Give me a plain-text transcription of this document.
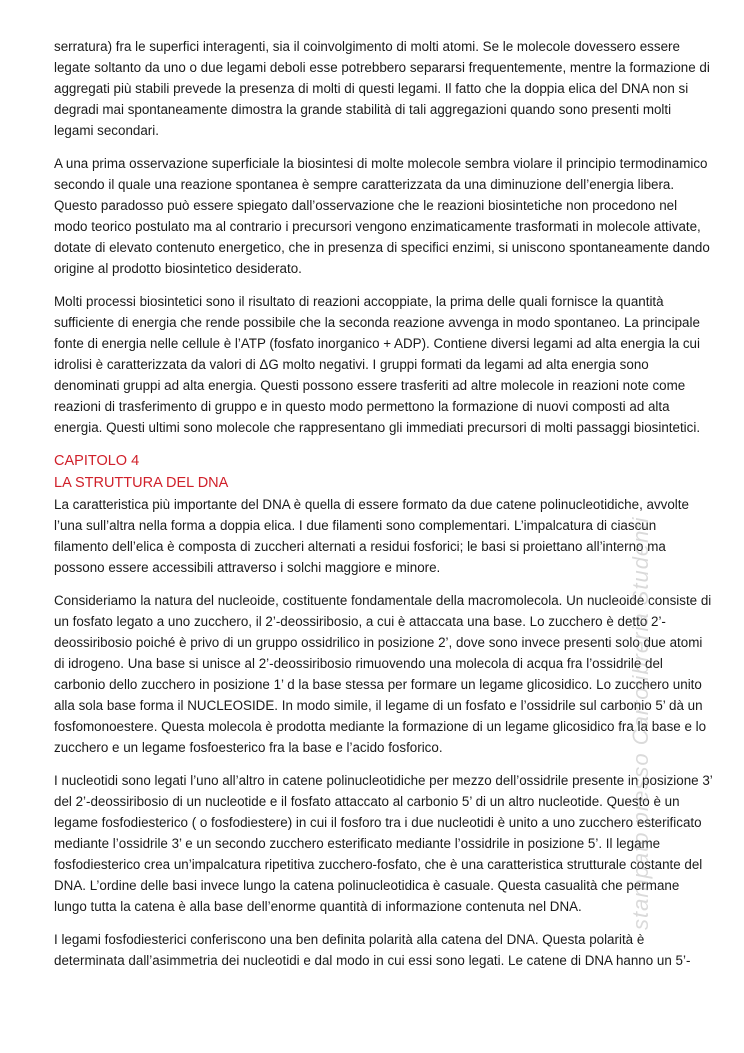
serratura) fra le superfici interagenti, sia il coinvolgimento di molti atomi. Se le molecole dovessero essere legate soltanto da uno o due legami deboli esse potrebbero separarsi frequentemente, mentre la formazione di aggregati più stabili prevede la presenza di molti di questi legami. Il fatto che la doppia elica del DNA non si degradi mai spontaneamente dimostra la grande stabilità di tali aggregazioni quando sono presenti molti legami secondari.

A una prima osservazione superficiale la biosintesi di molte molecole sembra violare il principio termodinamico secondo il quale una reazione spontanea è sempre caratterizzata da una diminuzione dell’energia libera. Questo paradosso può essere spiegato dall’osservazione che le reazioni biosintetiche non procedono nel modo teorico postulato ma al contrario i precursori vengono enzimaticamente trasformati in molecole attivate, dotate di elevato contenuto energetico, che in presenza di specifici enzimi, si uniscono spontaneamente dando origine al prodotto biosintetico desiderato.

Molti processi biosintetici sono il risultato di reazioni accoppiate, la prima delle quali fornisce la quantità sufficiente di energia che rende possibile che la seconda reazione avvenga in modo spontaneo. La principale fonte di energia nelle cellule è l’ATP (fosfato inorganico + ADP). Contiene diversi legami ad alta energia la cui idrolisi è caratterizzata da valori di ΔG molto negativi. I gruppi formati da legami ad alta energia sono denominati gruppi ad alta energia. Questi possono essere trasferiti ad altre molecole in reazioni note come reazioni di trasferimento di gruppo e in questo modo permettono la formazione di nuovi composti ad alta energia. Questi ultimi sono molecole che rappresentano gli immediati precursori di molti passaggi biosintetici.

CAPITOLO 4

LA STRUTTURA DEL DNA

La caratteristica più importante del DNA è quella di essere formato da due catene polinucleotidiche, avvolte l’una sull’altra nella forma a doppia elica. I due filamenti sono complementari. L’impalcatura di ciascun filamento dell’elica è composta di zuccheri alternati a residui fosforici; le basi si proiettano all’interno ma possono essere accessibili attraverso i solchi maggiore e minore.

Consideriamo la natura del nucleoide, costituente fondamentale della macromolecola. Un nucleoide consiste di un fosfato legato a uno zucchero, il 2’-deossiribosio, a cui è attaccata una base. Lo zucchero è detto 2’-deossiribosio poiché è privo di un gruppo ossidrilico in posizione 2’, dove sono invece presenti solo due atomi di idrogeno. Una base si unisce al 2’-deossiribosio rimuovendo una molecola di acqua fra l’ossidrile del carbonio dello zucchero in posizione 1’ d la base stessa per formare un legame glicosidico. Lo zucchero unito alla sola base forma il NUCLEOSIDE. In modo simile, il legame di un fosfato e l’ossidrile sul carbonio 5’ dà un fosfomonoestere. Questa molecola è prodotta mediante la formazione di un legame glicosidico fra la base e lo zucchero e un legame fosfoesterico fra la base e l’acido fosforico.

I nucleotidi sono legati l’uno all’altro in catene polinucleotidiche per mezzo dell’ossidrile presente in posizione 3’ del 2’-deossiribosio di un nucleotide e il fosfato attaccato al carbonio 5’ di un altro nucleotide. Questo è un legame fosfodiesterico ( o fosfodiestere) in cui il fosforo tra i due nucleotidi è unito a uno zucchero esterificato mediante l’ossidrile 3’ e un secondo zucchero esterificato mediante l’ossidrile in posizione 5’. Il legame fosfodiesterico crea un’impalcatura ripetitiva zucchero-fosfato, che è una caratteristica strutturale costante del DNA. L’ordine delle basi invece lungo la catena polinucleotidica è casuale. Questa casualità che permane lungo tutta la catena è alla base dell’enorme quantità di informazione contenuta nel DNA.

I legami fosfodiesterici conferiscono una ben definita polarità alla catena del DNA. Questa polarità è determinata dall’asimmetria dei nucleotidi e dal modo in cui essi sono legati. Le catene di DNA hanno un 5’-

stampato presso Cartolibreria Studenti
